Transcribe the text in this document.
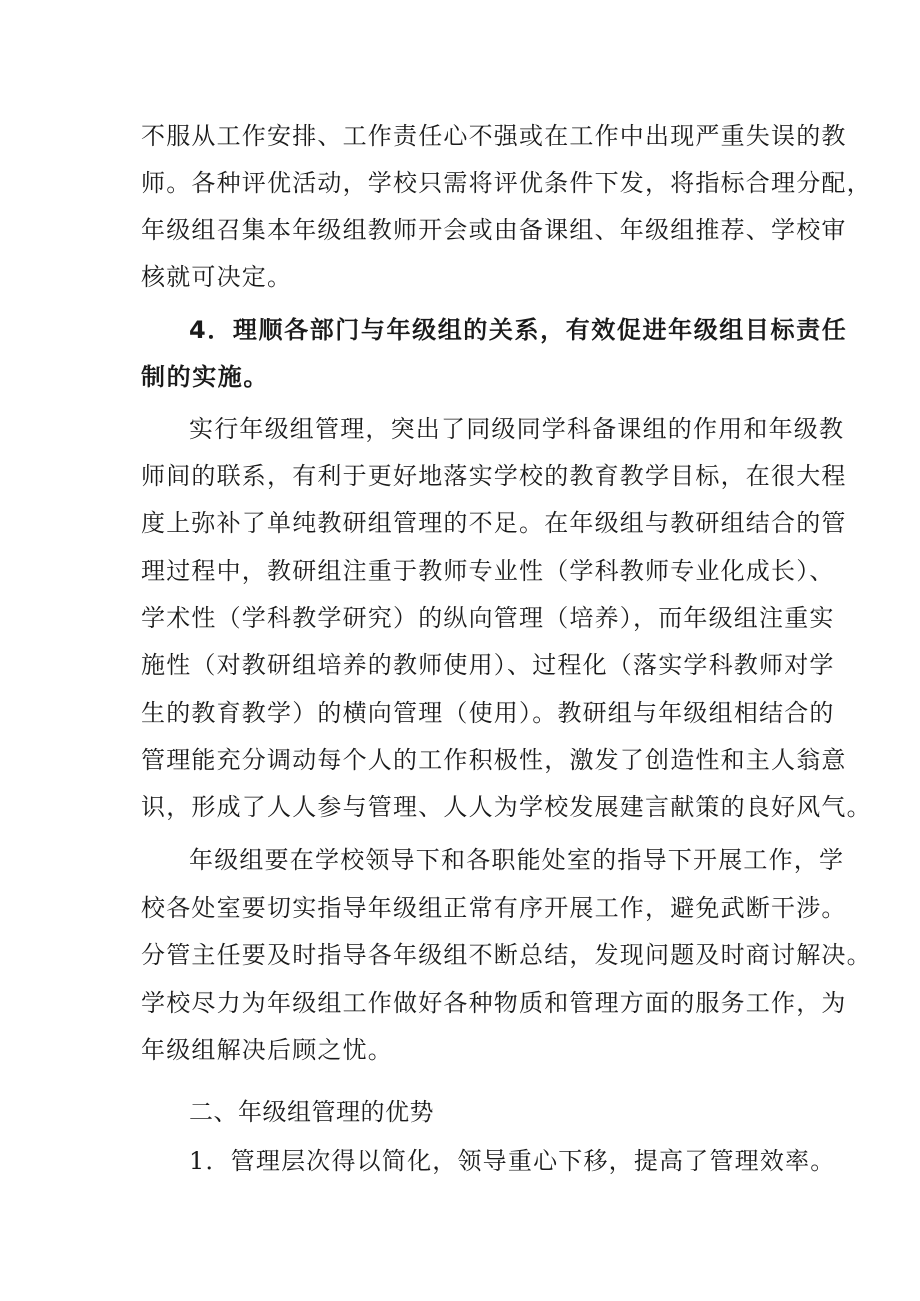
不服从工作安排、工作责任心不强或在工作中出现严重失误的教
师。各种评优活动，学校只需将评优条件下发，将指标合理分配，
年级组召集本年级组教师开会或由备课组、年级组推荐、学校审
核就可决定。
4．理顺各部门与年级组的关系，有效促进年级组目标责任
制的实施。
实行年级组管理，突出了同级同学科备课组的作用和年级教
师间的联系，有利于更好地落实学校的教育教学目标，在很大程
度上弥补了单纯教研组管理的不足。在年级组与教研组结合的管
理过程中，教研组注重于教师专业性（学科教师专业化成长）、
学术性（学科教学研究）的纵向管理（培养），而年级组注重实
施性（对教研组培养的教师使用）、过程化（落实学科教师对学
生的教育教学）的横向管理（使用）。教研组与年级组相结合的
管理能充分调动每个人的工作积极性，激发了创造性和主人翁意
识，形成了人人参与管理、人人为学校发展建言献策的良好风气。
年级组要在学校领导下和各职能处室的指导下开展工作，学
校各处室要切实指导年级组正常有序开展工作，避免武断干涉。
分管主任要及时指导各年级组不断总结，发现问题及时商讨解决。
学校尽力为年级组工作做好各种物质和管理方面的服务工作，为
年级组解决后顾之忧。
二、年级组管理的优势
1．管理层次得以简化，领导重心下移，提高了管理效率。
